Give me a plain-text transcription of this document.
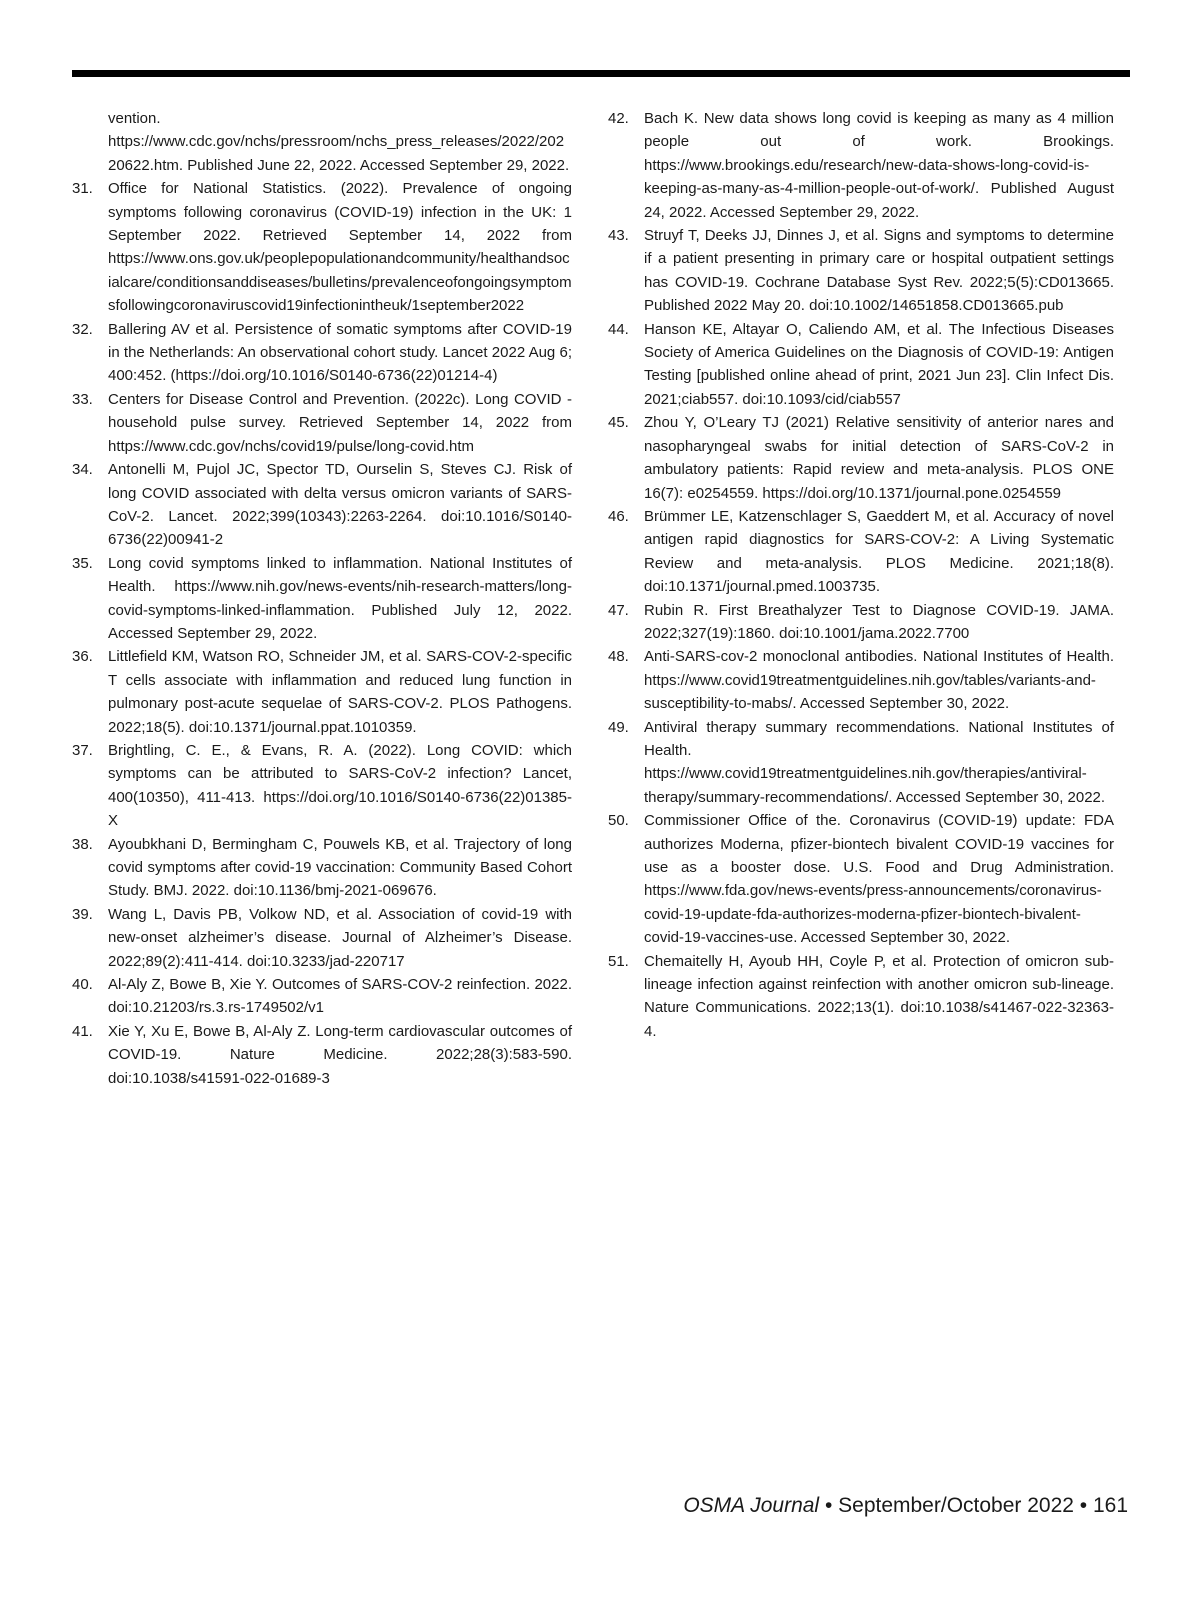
vention. https://www.cdc.gov/nchs/pressroom/nchs_press_releases/2022/20220622.htm. Published June 22, 2022. Accessed September 29, 2022.
31.	Office for National Statistics. (2022). Prevalence of ongoing symptoms following coronavirus (COVID-19) infection in the UK: 1 September 2022. Retrieved September 14, 2022 from https://www.ons.gov.uk/peoplepopulationandcommunity/healthandsocialcare/conditionsanddiseases/bulletins/prevalenceofongoingsymptomsfollowingcoronaviruscovid19infectionintheuk/1september2022
32.	Ballering AV et al. Persistence of somatic symptoms after COVID-19 in the Netherlands: An observational cohort study. Lancet 2022 Aug 6; 400:452. (https://doi.org/10.1016/S0140-6736(22)01214-4)
33.	Centers for Disease Control and Prevention. (2022c). Long COVID - household pulse survey. Retrieved September 14, 2022 from https://www.cdc.gov/nchs/covid19/pulse/long-covid.htm
34.	Antonelli M, Pujol JC, Spector TD, Ourselin S, Steves CJ. Risk of long COVID associated with delta versus omicron variants of SARS-CoV-2. Lancet. 2022;399(10343):2263-2264. doi:10.1016/S0140-6736(22)00941-2
35.	Long covid symptoms linked to inflammation. National Institutes of Health. https://www.nih.gov/news-events/nih-research-matters/long-covid-symptoms-linked-inflammation. Published July 12, 2022. Accessed September 29, 2022.
36.	Littlefield KM, Watson RO, Schneider JM, et al. SARS-COV-2-specific T cells associate with inflammation and reduced lung function in pulmonary post-acute sequelae of SARS-COV-2. PLOS Pathogens. 2022;18(5). doi:10.1371/journal.ppat.1010359.
37.	Brightling, C. E., & Evans, R. A. (2022). Long COVID: which symptoms can be attributed to SARS-CoV-2 infection? Lancet, 400(10350), 411-413. https://doi.org/10.1016/S0140-6736(22)01385-X
38.	Ayoubkhani D, Bermingham C, Pouwels KB, et al. Trajectory of long covid symptoms after covid-19 vaccination: Community Based Cohort Study. BMJ. 2022. doi:10.1136/bmj-2021-069676.
39.	Wang L, Davis PB, Volkow ND, et al. Association of covid-19 with new-onset alzheimer’s disease. Journal of Alzheimer’s Disease. 2022;89(2):411-414. doi:10.3233/jad-220717
40.	Al-Aly Z, Bowe B, Xie Y. Outcomes of SARS-COV-2 reinfection. 2022. doi:10.21203/rs.3.rs-1749502/v1
41.	Xie Y, Xu E, Bowe B, Al-Aly Z. Long-term cardiovascular outcomes of COVID-19. Nature Medicine. 2022;28(3):583-590. doi:10.1038/s41591-022-01689-3
42.	Bach K. New data shows long covid is keeping as many as 4 million people out of work. Brookings. https://www.brookings.edu/research/new-data-shows-long-covid-is-keeping-as-many-as-4-million-people-out-of-work/. Published August 24, 2022. Accessed September 29, 2022.
43.	Struyf T, Deeks JJ, Dinnes J, et al. Signs and symptoms to determine if a patient presenting in primary care or hospital outpatient settings has COVID-19. Cochrane Database Syst Rev. 2022;5(5):CD013665. Published 2022 May 20. doi:10.1002/14651858.CD013665.pub
44.	Hanson KE, Altayar O, Caliendo AM, et al. The Infectious Diseases Society of America Guidelines on the Diagnosis of COVID-19: Antigen Testing [published online ahead of print, 2021 Jun 23]. Clin Infect Dis. 2021;ciab557. doi:10.1093/cid/ciab557
45.	Zhou Y, O’Leary TJ (2021) Relative sensitivity of anterior nares and nasopharyngeal swabs for initial detection of SARS-CoV-2 in ambulatory patients: Rapid review and meta-analysis. PLOS ONE 16(7): e0254559. https://doi.org/10.1371/journal.pone.0254559
46.	Brümmer LE, Katzenschlager S, Gaeddert M, et al. Accuracy of novel antigen rapid diagnostics for SARS-COV-2: A Living Systematic Review and meta-analysis. PLOS Medicine. 2021;18(8). doi:10.1371/journal.pmed.1003735.
47.	Rubin R. First Breathalyzer Test to Diagnose COVID-19. JAMA. 2022;327(19):1860. doi:10.1001/jama.2022.7700
48.	Anti-SARS-cov-2 monoclonal antibodies. National Institutes of Health. https://www.covid19treatmentguidelines.nih.gov/tables/variants-and-susceptibility-to-mabs/. Accessed September 30, 2022.
49.	Antiviral therapy summary recommendations. National Institutes of Health. https://www.covid19treatmentguidelines.nih.gov/therapies/antiviral-therapy/summary-recommendations/. Accessed September 30, 2022.
50.	Commissioner Office of the. Coronavirus (COVID-19) update: FDA authorizes Moderna, pfizer-biontech bivalent COVID-19 vaccines for use as a booster dose. U.S. Food and Drug Administration. https://www.fda.gov/news-events/press-announcements/coronavirus-covid-19-update-fda-authorizes-moderna-pfizer-biontech-bivalent-covid-19-vaccines-use. Accessed September 30, 2022.
51.	Chemaitelly H, Ayoub HH, Coyle P, et al. Protection of omicron sub-lineage infection against reinfection with another omicron sub-lineage. Nature Communications. 2022;13(1). doi:10.1038/s41467-022-32363-4.
OSMA Journal • September/October 2022 • 161
